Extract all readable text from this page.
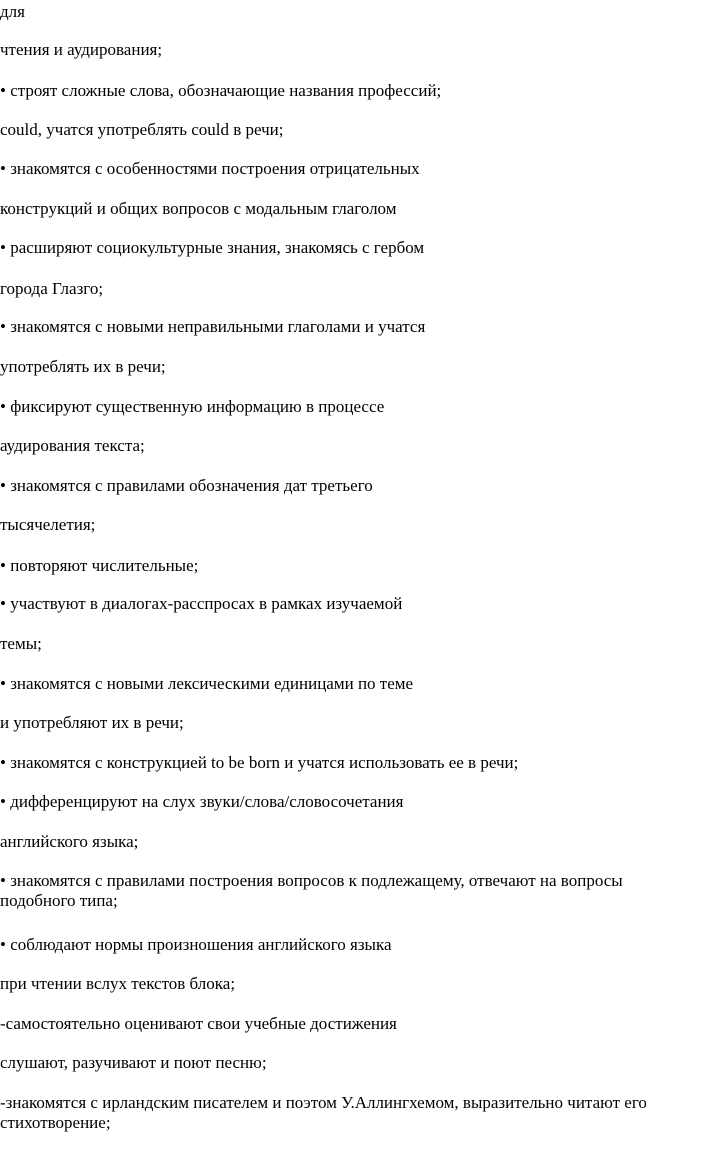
для

чтения и аудирования;

• строят сложные слова, обозначающие названия профессий;

could, учатся употреблять could в речи;

• знакомятся с особенностями построения отрицательных

конструкций и общих вопросов с модальным глаголом

• расширяют социокультурные знания, знакомясь с гербом

города Глазго;

• знакомятся с новыми неправильными глаголами и учатся

употреблять их в речи;

• фиксируют существенную информацию в процессе

аудирования текста;

• знакомятся с правилами обозначения дат третьего

тысячелетия;

• повторяют числительные;

• участвуют в диалогах-расспросах в рамках изучаемой

темы;

• знакомятся с новыми лексическими единицами по теме

и употребляют их в речи;

• знакомятся с конструкцией to be born и учатся использовать ее в речи;

• дифференцируют на слух звуки/слова/словосочетания

английского языка;

• знакомятся с правилами построения вопросов к подлежащему, отвечают на вопросы подобного типа;

• соблюдают нормы произношения английского языка

при чтении вслух текстов блока;

-самостоятельно оценивают свои учебные достижения

слушают, разучивают и поют песню;

-знакомятся с ирландским писателем и поэтом У.Аллингхемом, выразительно читают его стихотворение;
